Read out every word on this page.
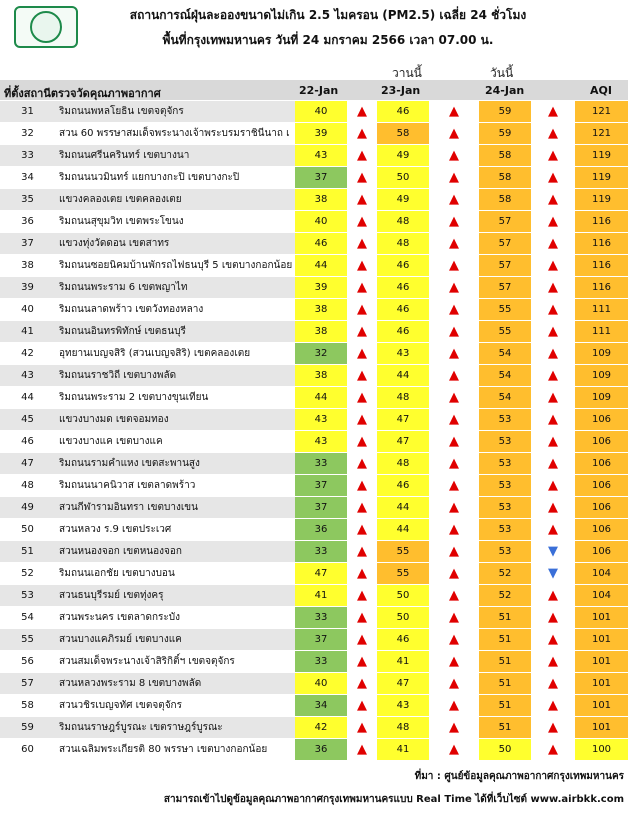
สถานการณ์ฝุ่นละอองขนาดไม่เกิน 2.5 ไมครอน (PM2.5) เฉลี่ย 24 ชั่วโมง
พื้นที่กรุงเทพมหานคร วันที่ 24 มกราคม 2566 เวลา 07.00 น.
วานนี้	วันนี้
ที่ตั้งสถานีตรวจวัดคุณภาพอากาศ	22-Jan	23-Jan	24-Jan	AQI
31	ริมถนนพหลโยธิน เขตจตุจักร	40	▲	46	▲	59	▲	121
32	สวน 60 พรรษาสมเด็จพระนางเจ้าพระบรมราชินีนาถ เ	39	▲	58	▲	59	▲	121
33	ริมถนนศรีนครินทร์ เขตบางนา	43	▲	49	▲	58	▲	119
34	ริมถนนนวมินทร์ แยกบางกะปิ เขตบางกะปิ	37	▲	50	▲	58	▲	119
35	แขวงคลองเตย เขตคลองเตย	38	▲	49	▲	58	▲	119
36	ริมถนนสุขุมวิท เขตพระโขนง	40	▲	48	▲	57	▲	116
37	แขวงทุ่งวัดดอน เขตสาทร	46	▲	48	▲	57	▲	116
38	ริมถนนซอยนิคมบ้านพักรถไฟธนบุรี 5 เขตบางกอกน้อย	44	▲	46	▲	57	▲	116
39	ริมถนนพระราม 6 เขตพญาไท	39	▲	46	▲	57	▲	116
40	ริมถนนลาดพร้าว เขตวังทองหลาง	38	▲	46	▲	55	▲	111
41	ริมถนนอินทรพิทักษ์ เขตธนบุรี	38	▲	46	▲	55	▲	111
42	อุทยานเบญจสิริ (สวนเบญจสิริ) เขตคลองเตย	32	▲	43	▲	54	▲	109
43	ริมถนนราชวิถี เขตบางพลัด	38	▲	44	▲	54	▲	109
44	ริมถนนพระราม 2 เขตบางขุนเทียน	44	▲	48	▲	54	▲	109
45	แขวงบางมด เขตจอมทอง	43	▲	47	▲	53	▲	106
46	แขวงบางแค เขตบางแค	43	▲	47	▲	53	▲	106
47	ริมถนนรามคำแหง เขตสะพานสูง	33	▲	48	▲	53	▲	106
48	ริมถนนนาคนิวาส เขตลาดพร้าว	37	▲	46	▲	53	▲	106
49	สวนกีฬารามอินทรา เขตบางเขน	37	▲	44	▲	53	▲	106
50	สวนหลวง ร.9 เขตประเวศ	36	▲	44	▲	53	▲	106
51	สวนหนองจอก เขตหนองจอก	33	▲	55	▲	53	▼	106
52	ริมถนนเอกชัย เขตบางบอน	47	▲	55	▲	52	▼	104
53	สวนธนบุรีรมย์ เขตทุ่งครุ	41	▲	50	▲	52	▲	104
54	สวนพระนคร เขตลาดกระบัง	33	▲	50	▲	51	▲	101
55	สวนบางแคภิรมย์ เขตบางแค	37	▲	46	▲	51	▲	101
56	สวนสมเด็จพระนางเจ้าสิริกิติ์ฯ เขตจตุจักร	33	▲	41	▲	51	▲	101
57	สวนหลวงพระราม 8 เขตบางพลัด	40	▲	47	▲	51	▲	101
58	สวนวชิรเบญจทัศ เขตจตุจักร	34	▲	43	▲	51	▲	101
59	ริมถนนราษฎร์บูรณะ เขตราษฎร์บูรณะ	42	▲	48	▲	51	▲	101
60	สวนเฉลิมพระเกียรติ 80 พรรษา เขตบางกอกน้อย	36	▲	41	▲	50	▲	100
ที่มา : ศูนย์ข้อมูลคุณภาพอากาศกรุงเทพมหานคร
สามารถเข้าไปดูข้อมูลคุณภาพอากาศกรุงเทพมหานครแบบ Real Time ได้ที่เว็บไซต์ www.airbkk.com
